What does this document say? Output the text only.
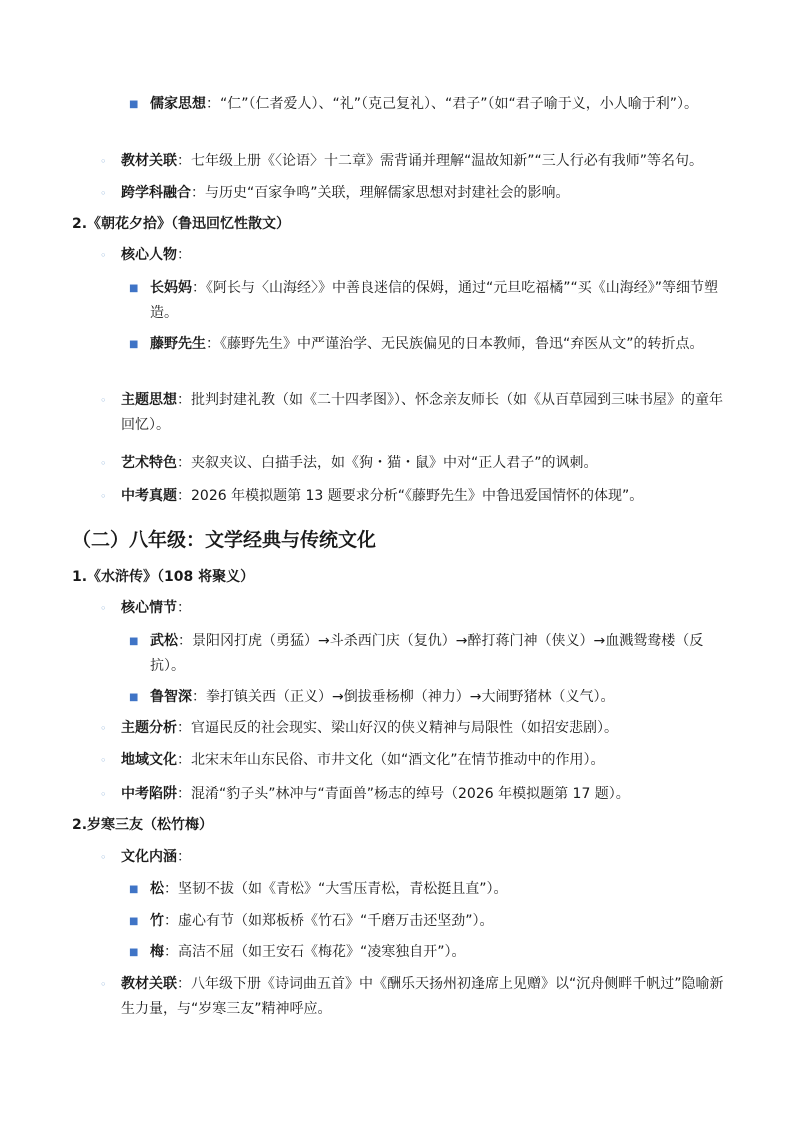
■ 儒家思想：“仁”（仁者爱人）、“礼”（克己复礼）、“君子”（如“君子喻于义，小人喻于利”）。
◦ 教材关联：七年级上册《〈论语〉十二章》需背诵并理解“温故知新”“三人行必有我师”等名句。
◦ 跨学科融合：与历史“百家争鸣”关联，理解儒家思想对封建社会的影响。
2.《朝花夕拾》（鲁迅回忆性散文）
◦ 核心人物：
■ 长妈妈：《阿长与〈山海经〉》中善良迷信的保姆，通过“元旦吃福橘”“买《山海经》”等细节塑造。
■ 藤野先生：《藤野先生》中严谨治学、无民族偏见的日本教师，鲁迅“弃医从文”的转折点。
◦ 主题思想：批判封建礼教（如《二十四孝图》）、怀念亲友师长（如《从百草园到三味书屋》的童年回忆）。
◦ 艺术特色：夹叙夹议、白描手法，如《狗・猫・鼠》中对“正人君子”的讽刺。
◦ 中考真题：2026 年模拟题第 13 题要求分析“《藤野先生》中鲁迅爱国情怀的体现”。
（二）八年级：文学经典与传统文化
1.《水浒传》（108 将聚义）
◦ 核心情节：
■ 武松：景阳冈打虎（勇猛）→斗杀西门庆（复仇）→醉打蒋门神（侠义）→血溅鸳鸯楼（反抗）。
■ 鲁智深：拳打镇关西（正义）→倒拔垂杨柳（神力）→大闹野猪林（义气）。
◦ 主题分析：官逼民反的社会现实、梁山好汉的侠义精神与局限性（如招安悲剧）。
◦ 地域文化：北宋末年山东民俗、市井文化（如“酒文化”在情节推动中的作用）。
◦ 中考陷阱：混淆“豹子头”林冲与“青面兽”杨志的绰号（2026 年模拟题第 17 题）。
2.岁寒三友（松竹梅）
◦ 文化内涵：
■ 松：坚韧不拔（如《青松》“大雪压青松，青松挺且直”）。
■ 竹：虚心有节（如郑板桥《竹石》“千磨万击还坚劲”）。
■ 梅：高洁不屈（如王安石《梅花》“凌寒独自开”）。
◦ 教材关联：八年级下册《诗词曲五首》中《酬乐天扬州初逢席上见赠》以“沉舟侧畔千帆过”隐喻新生力量，与“岁寒三友”精神呼应。
